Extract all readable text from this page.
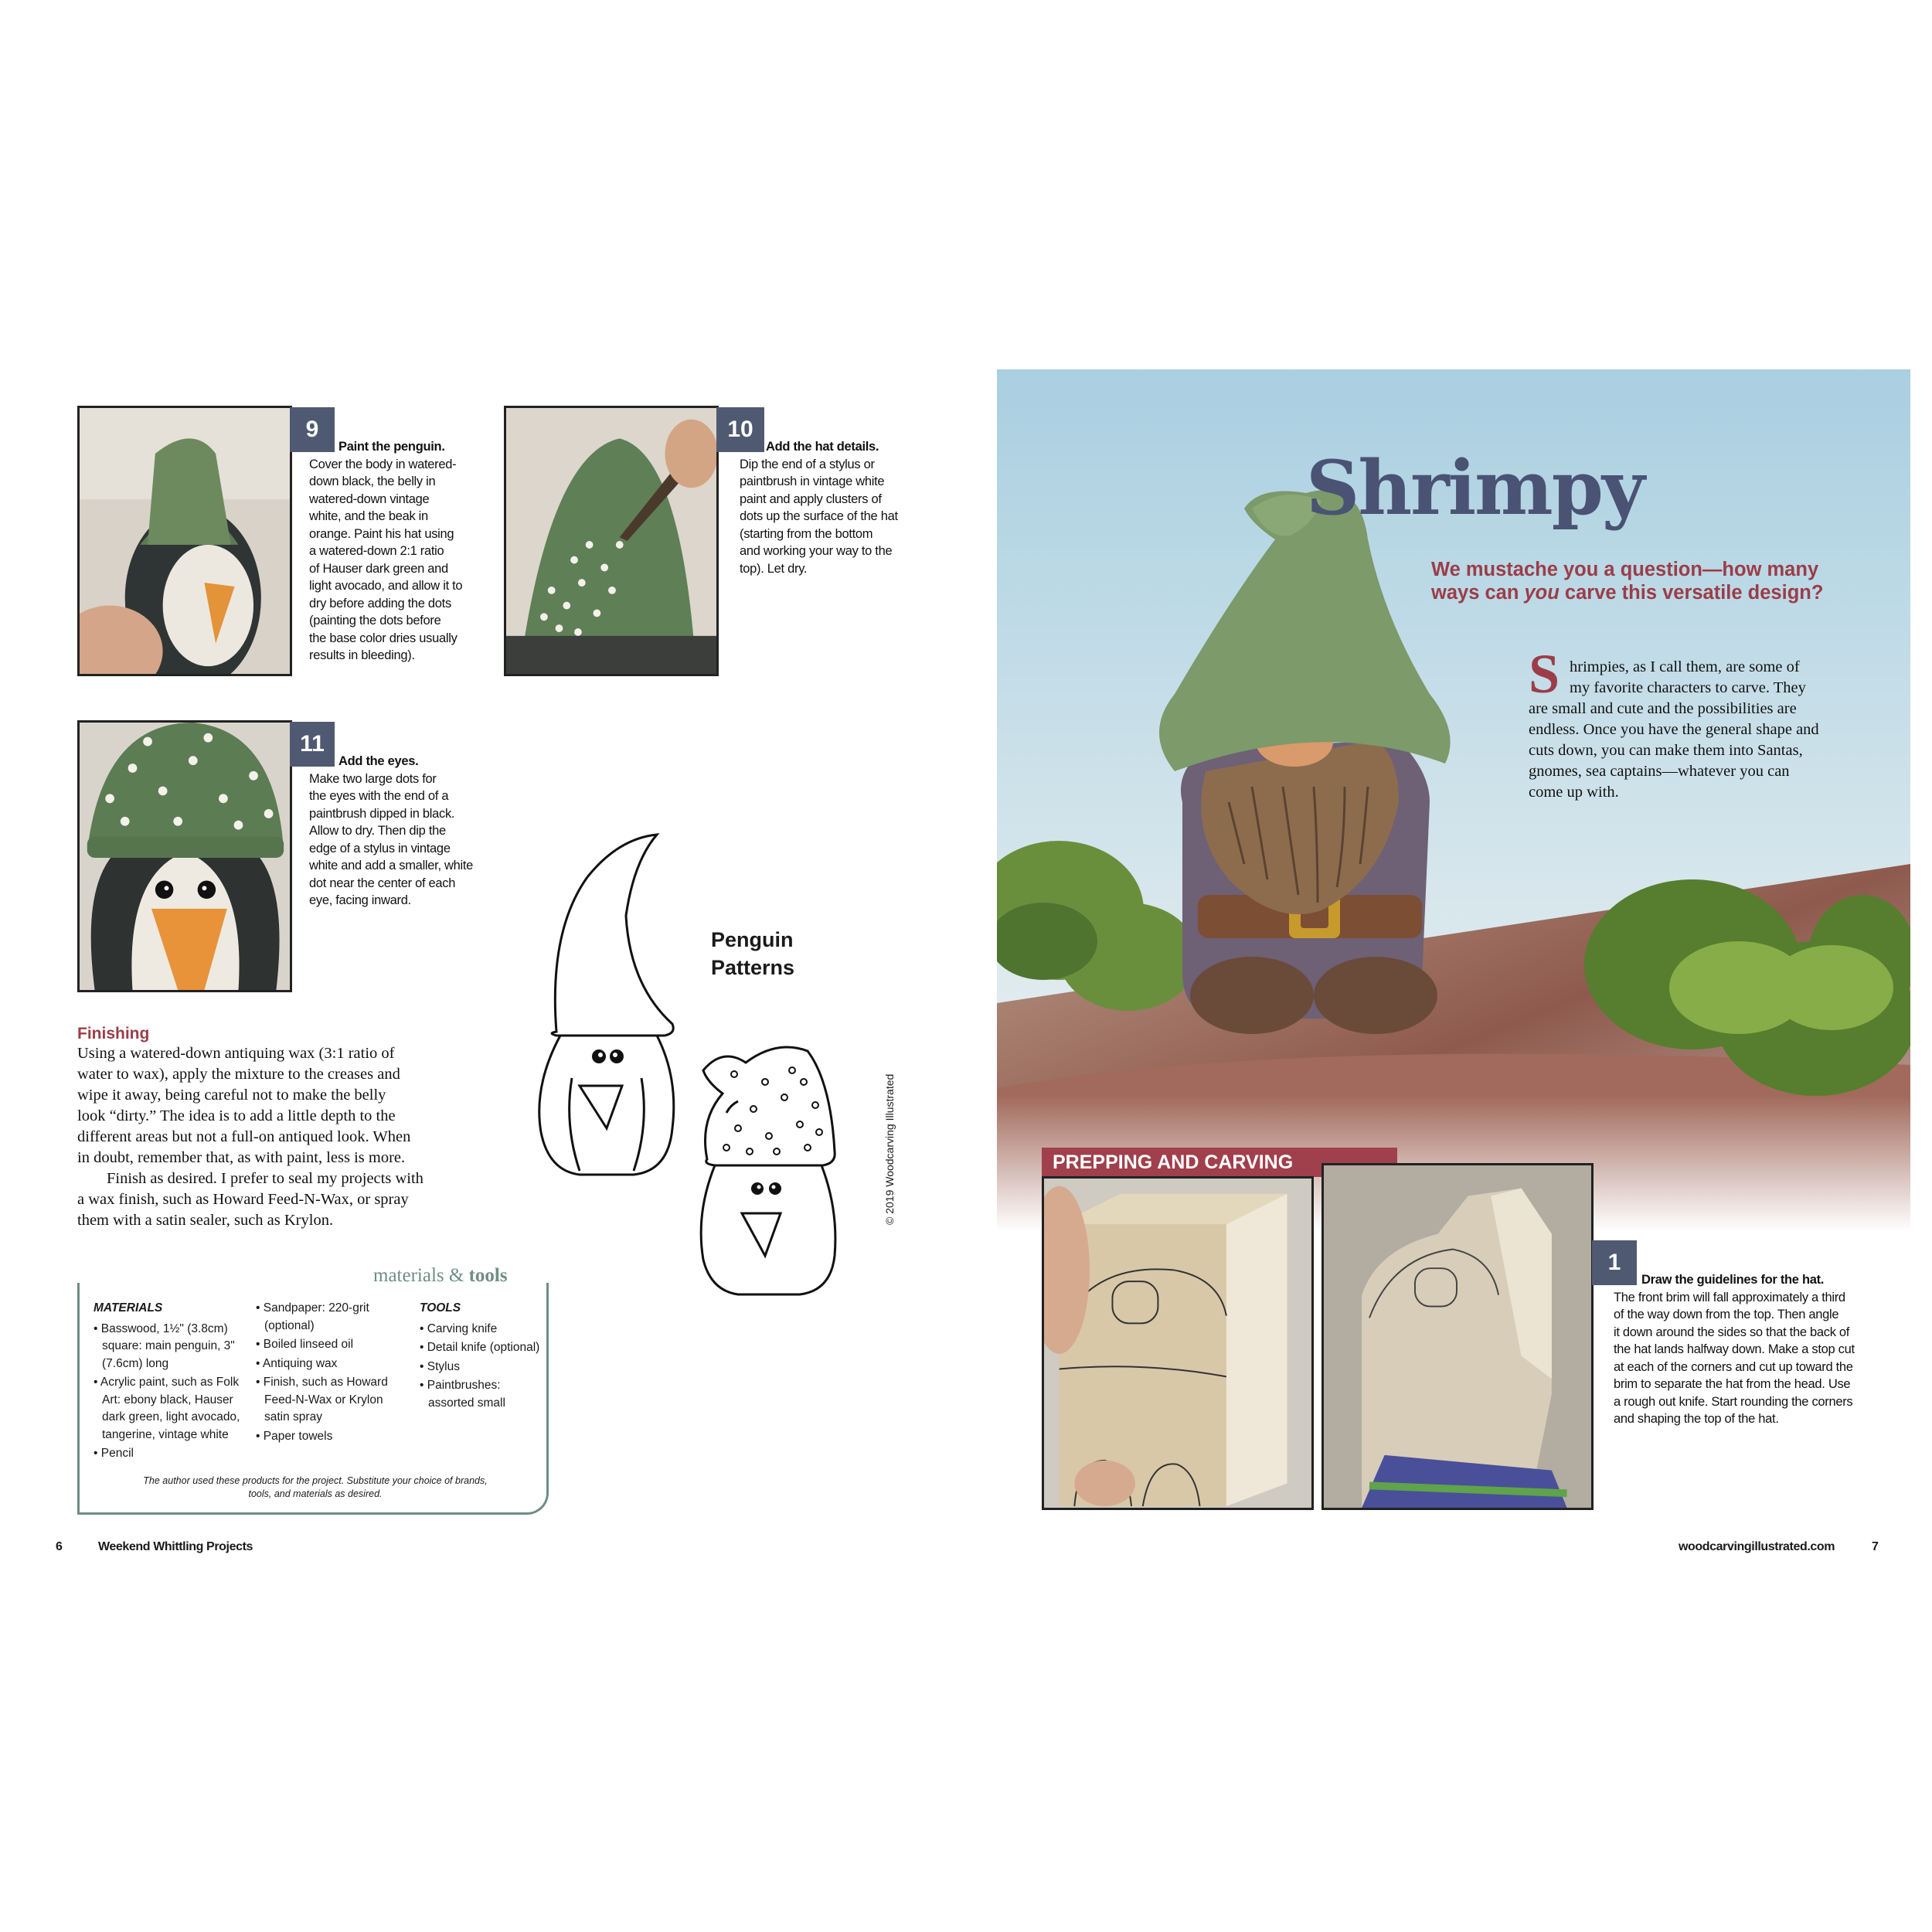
9
Paint the penguin.
Cover the body in watered-
down black, the belly in
watered-down vintage
white, and the beak in
orange. Paint his hat using
a watered-down 2:1 ratio
of Hauser dark green and
light avocado, and allow it to
dry before adding the dots
(painting the dots before
the base color dries usually
results in bleeding).
10
Add the hat details.
Dip the end of a stylus or
paintbrush in vintage white
paint and apply clusters of
dots up the surface of the hat
(starting from the bottom
and working your way to the
top). Let dry.
11
Add the eyes.
Make two large dots for
the eyes with the end of a
paintbrush dipped in black.
Allow to dry. Then dip the
edge of a stylus in vintage
white and add a smaller, white
dot near the center of each
eye, facing inward.
Penguin
Patterns
© 2019 Woodcarving Illustrated
Finishing
Using a watered-down antiquing wax (3:1 ratio of
water to wax), apply the mixture to the creases and
wipe it away, being careful not to make the belly
look “dirty.” The idea is to add a little depth to the
different areas but not a full-on antiqued look. When
in doubt, remember that, as with paint, less is more.
Finish as desired. I prefer to seal my projects with
a wax finish, such as Howard Feed-N-Wax, or spray
them with a satin sealer, such as Krylon.
materials & tools
MATERIALS
• Basswood, 1½" (3.8cm) square: main penguin, 3" (7.6cm) long
• Acrylic paint, such as Folk Art: ebony black, Hauser dark green, light avocado, tangerine, vintage white
• Pencil
• Sandpaper: 220-grit (optional)
• Boiled linseed oil
• Antiquing wax
• Finish, such as Howard Feed-N-Wax or Krylon satin spray
• Paper towels
TOOLS
• Carving knife
• Detail knife (optional)
• Stylus
• Paintbrushes: assorted small
The author used these products for the project. Substitute your choice of brands,
tools, and materials as desired.
6	Weekend Whittling Projects
Shrimpy
We mustache you a question—how many
ways can you carve this versatile design?
S hrimpies, as I call them, are some of
my favorite characters to carve. They
are small and cute and the possibilities are
endless. Once you have the general shape and
cuts down, you can make them into Santas,
gnomes, sea captains—whatever you can
come up with.
PREPPING AND CARVING
1
Draw the guidelines for the hat.
The front brim will fall approximately a third
of the way down from the top. Then angle
it down around the sides so that the back of
the hat lands halfway down. Make a stop cut
at each of the corners and cut up toward the
brim to separate the hat from the head. Use
a rough out knife. Start rounding the corners
and shaping the top of the hat.
woodcarvingillustrated.com	7
